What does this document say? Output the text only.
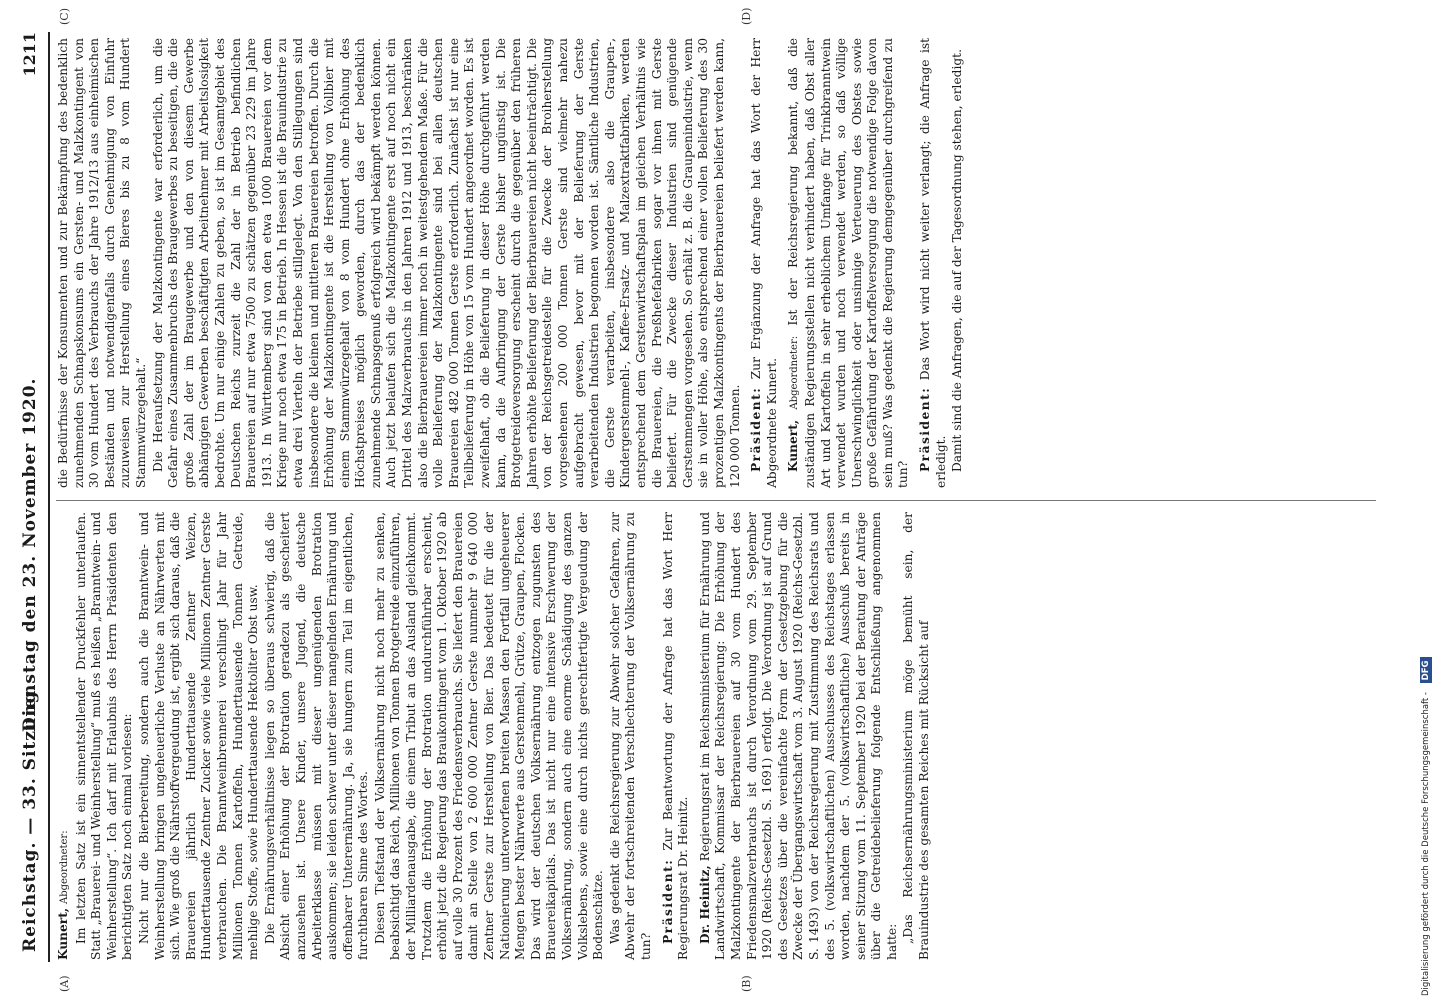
Reichstag. — 33. Sitzung.
Dienstag den 23. November 1920.
1211
(A)	(B)
(C)	(D)

Kunert, Abgeordneter: Im letzten Satz ist ein sinnentstellender Druckfehler unterlaufen. Statt „Brauerei- und Weinherstellung“ muß es heißen „Branntwein- und Weinherstellung“. Ich darf mit Erlaubnis des Herrn Präsidenten den berichtigten Satz noch einmal vorlesen: Nicht nur die Bierbereitung, sondern auch die Branntwein- und Weinherstellung bringen ungeheuerliche Verluste an Nährwerten mit sich. Wie groß die Nährstoffvergeudung ist, ergibt sich daraus, daß die Brauereien jährlich Hunderttausende Zentner Weizen, Hunderttausende Zentner Zucker sowie viele Millionen Zentner Gerste verbrauchen. Die Branntweinbrennerei verschlingt Jahr für Jahr Millionen Tonnen Kartoffeln, Hunderttausende Tonnen Getreide, mehlige Stoffe, sowie Hunderttausende Hektoliter Obst usw. Die Ernährungsverhältnisse liegen so überaus schwierig, daß die Absicht einer Erhöhung der Brotration geradezu als gescheitert anzusehen ist. Unsere Kinder, unsere Jugend, die deutsche Arbeiterklasse müssen mit dieser ungenügenden Brotration auskommen; sie leiden schwer unter dieser mangelnden Ernährung und offenbarer Unterernährung. Ja, sie hungern zum Teil im eigentlichen, furchtbaren Sinne des Wortes. Diesen Tiefstand der Volksernährung nicht noch mehr zu senken, beabsichtigt das Reich, Millionen von Tonnen Brotgetreide einzuführen, der Milliardenausgabe, die einem Tribut an das Ausland gleichkommt. Trotzdem die Erhöhung der Brotration undurchführbar erscheint, erhöht jetzt die Regierung das Braukontingent vom 1. Oktober 1920 ab auf volle 30 Prozent des Friedensverbrauchs. Sie liefert den Brauereien damit an Stelle von 2 600 000 Zentner Gerste nunmehr 9 640 000 Zentner Gerste zur Herstellung von Bier. Das bedeutet für die der Nationierung unterworfenen breiten Massen den Fortfall ungeheuerer Mengen bester Nährwerte aus Gerstenmehl, Grütze, Graupen, Flocken. Das wird der deutschen Volksernährung entzogen zugunsten des Brauereikapitals. Das ist nicht nur eine intensive Erschwerung der Volksernährung, sondern auch eine enorme Schädigung des ganzen Volkslebens, sowie eine durch nichts gerechtfertigte Vergeudung der Bodenschätze. Was gedenkt die Reichsregierung zur Abwehr solcher Gefahren, zur Abwehr der fortschreitenden Verschlechterung der Volksernährung zu tun?

Präsident: Zur Beantwortung der Anfrage hat das Wort Herr Regierungsrat Dr. Heinitz. Dr. Heinitz, Regierungsrat im Reichsministerium für Ernährung und Landwirtschaft, Kommissar der Reichsregierung: Die Erhöhung der Malzkontingente der Bierbrauereien auf 30 vom Hundert des Friedensmalzverbrauchs ist durch Verordnung vom 29. September 1920 (Reichs-Gesetzbl. S. 1691) erfolgt. Die Verordnung ist auf Grund des Gesetzes über die vereinfachte Form der Gesetzgebung für die Zwecke der Übergangswirtschaft vom 3. August 1920 (Reichs-Gesetzbl. S. 1493) von der Reichsregierung mit Zustimmung des Reichsrats und des 5. (volkswirtschaftlichen) Ausschusses des Reichstages erlassen worden, nachdem der 5. (volkswirtschaftliche) Ausschuß bereits in seiner Sitzung vom 11. September 1920 bei der Beratung der Anträge über die Getreidebelieferung folgende Entschließung angenommen hatte: „Das Reichsernährungsministerium möge bemüht sein, der Brauindustrie des gesamten Reiches mit Rücksicht auf

die Bedürfnisse der Konsumenten und zur Bekämpfung des bedenklich zunehmenden Schnapskonsums ein Gersten- und Malzkontingent von 30 vom Hundert des Verbrauchs der Jahre 1912/13 aus einheimischen Beständen und notwendigenfalls durch Genehmigung von Einfuhr zuzuweisen zur Herstellung eines Bieres bis zu 8 vom Hundert Stammwürzegehalt.“ Die Heraufsetzung der Malzkontingente war erforderlich, um die Gefahr eines Zusammenbruchs des Braugewerbes zu beseitigen, die die große Zahl der im Braugewerbe und den von diesem Gewerbe abhängigen Gewerben beschäftigten Arbeitnehmer mit Arbeitslosigkeit bedrohte. Um nur einige Zahlen zu geben, so ist im Gesamtgebiet des Deutschen Reichs zurzeit die Zahl der in Betrieb befindlichen Brauereien auf nur etwa 7500 zu schätzen gegenüber 23 229 im Jahre 1913. In Württemberg sind von den etwa 1000 Brauereien vor dem Kriege nur noch etwa 175 in Betrieb. In Hessen ist die Brauindustrie zu etwa drei Vierteln der Betriebe stillgelegt. Von den Stillegungen sind insbesondere die kleinen und mittleren Brauereien betroffen. Durch die Erhöhung der Malzkontingente ist die Herstellung von Vollbier mit einem Stammwürzegehalt von 8 vom Hundert ohne Erhöhung des Höchstpreises möglich geworden, durch das der bedenklich zunehmende Schnapsgenuß erfolgreich wird bekämpft werden können. Auch jetzt belaufen sich die Malzkontingente erst auf noch nicht ein Drittel des Malzverbrauchs in den Jahren 1912 und 1913, beschränken also die Bierbrauereien immer noch in weitestgehendem Maße. Für die volle Belieferung der Malzkontingente sind bei allen deutschen Brauereien 482 000 Tonnen Gerste erforderlich. Zunächst ist nur eine Teilbelieferung in Höhe von 15 vom Hundert angeordnet worden. Es ist zweifelhaft, ob die Belieferung in dieser Höhe durchgeführt werden kann, da die Aufbringung der Gerste bisher ungünstig ist. Die Brotgetreideversorgung erscheint durch die gegenüber den früheren Jahren erhöhte Belieferung der Bierbrauereien nicht beeinträchtigt. Die von der Reichsgetreidestelle für die Zwecke der Broiherstellung vorgesehenen 200 000 Tonnen Gerste sind vielmehr nahezu aufgebracht gewesen, bevor mit der Belieferung der Gerste verarbeitenden Industrien begonnen worden ist. Sämtliche Industrien, die Gerste verarbeiten, insbesondere also die Graupen-, Kindergerstenmehl-, Kaffee-Ersatz- und Malzextraktfabriken, werden entsprechend dem Gerstenwirtschaftsplan im gleichen Verhältnis wie die Brauereien, die Preßhefefabriken sogar vor ihnen mit Gerste beliefert. Für die Zwecke dieser Industrien sind genügende Gerstenmengen vorgesehen. So erhält z. B. die Graupenindustrie, wenn sie in voller Höhe, also entsprechend einer vollen Belieferung des 30 prozentigen Malzkontingents der Bierbrauereien beliefert werden kann, 120 000 Tonnen. Präsident: Zur Ergänzung der Anfrage hat das Wort der Herr Abgeordnete Kunert. Kunert, Abgeordneter: Ist der Reichsregierung bekannt, daß die zuständigen Regierungsstellen nicht verhindert haben, daß Obst aller Art und Kartoffeln in sehr erheblichem Umfange für Trinkbranntwein verwendet wurden und noch verwendet werden, so daß völlige Unerschwinglichkeit oder unsinnige Verteuerung des Obstes sowie große Gefährdung der Kartoffelversorgung die notwendige Folge davon sein muß? Was gedenkt die Regierung demgegenüber durchgreifend zu tun?

Präsident: Das Wort wird nicht weiter verlangt; die Anfrage ist erledigt. Damit sind die Anfragen, die auf der Tagesordnung stehen, erledigt.

Digitalisierung gefördert durch die Deutsche Forschungsgemeinschaft - DFG
